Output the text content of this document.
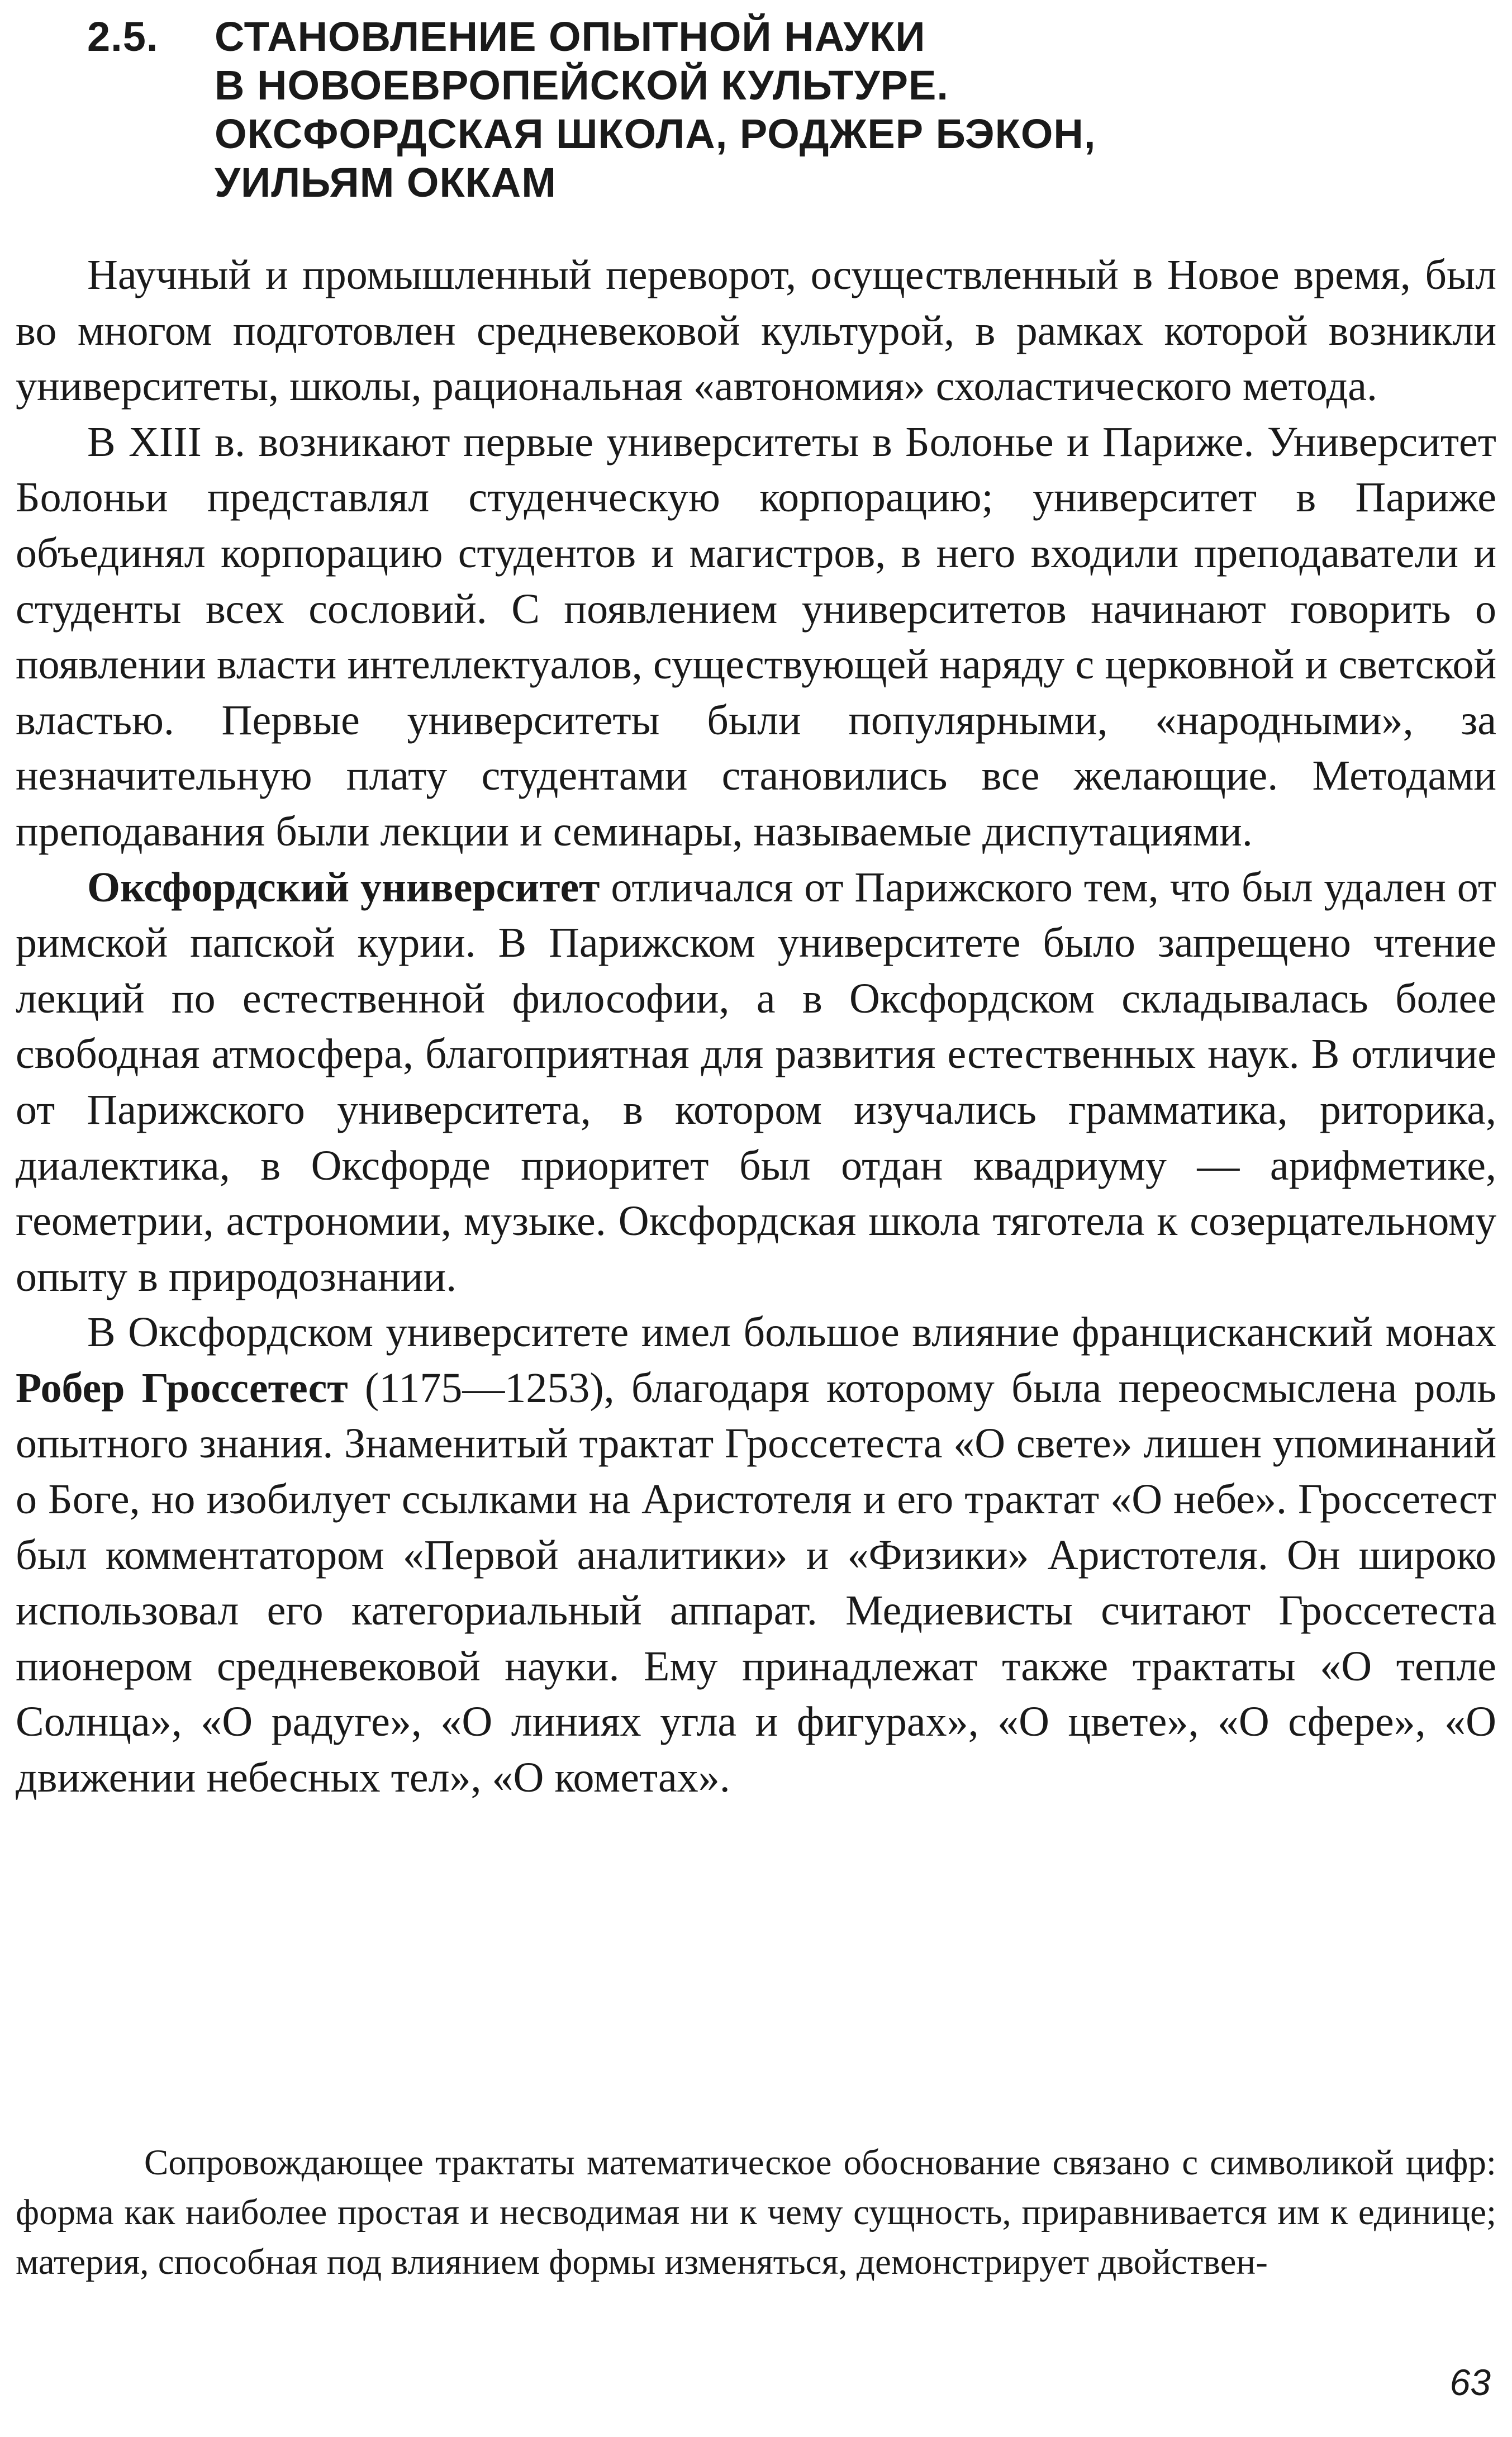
2.5. СТАНОВЛЕНИЕ ОПЫТНОЙ НАУКИ
В НОВОЕВРОПЕЙСКОЙ КУЛЬТУРЕ.
ОКСФОРДСКАЯ ШКОЛА, РОДЖЕР БЭКОН,
УИЛЬЯМ ОККАМ

Научный и промышленный переворот, осуществленный в Новое время, был во многом подготовлен средневековой культурой, в рамках которой возникли университеты, школы, рациональная «автономия» схоластического метода.

В XIII в. возникают первые университеты в Болонье и Париже. Университет Болоньи представлял студенческую корпорацию; университет в Париже объединял корпорацию студентов и магистров, в него входили преподаватели и студенты всех сословий. С появлением университетов начинают говорить о появлении власти интеллектуалов, существующей наряду с церковной и светской властью. Первые университеты были популярными, «народными», за незначительную плату студентами становились все желающие. Методами преподавания были лекции и семинары, называемые диспутациями.

Оксфордский университет отличался от Парижского тем, что был удален от римской папской курии. В Парижском университете было запрещено чтение лекций по естественной философии, а в Оксфордском складывалась более свободная атмосфера, благоприятная для развития естественных наук. В отличие от Парижского университета, в котором изучались грамматика, риторика, диалектика, в Оксфорде приоритет был отдан квадриуму — арифметике, геометрии, астрономии, музыке. Оксфордская школа тяготела к созерцательному опыту в природознании.

В Оксфордском университете имел большое влияние францисканский монах Робер Гроссетест (1175—1253), благодаря которому была переосмыслена роль опытного знания. Знаменитый трактат Гроссетеста «О свете» лишен упоминаний о Боге, но изобилует ссылками на Аристотеля и его трактат «О небе». Гроссетест был комментатором «Первой аналитики» и «Физики» Аристотеля. Он широко использовал его категориальный аппарат. Медиевисты считают Гроссетеста пионером средневековой науки. Ему принадлежат также трактаты «О тепле Солнца», «О радуге», «О линиях угла и фигурах», «О цвете», «О сфере», «О движении небесных тел», «О кометах».

Сопровождающее трактаты математическое обоснование связано с символикой цифр: форма как наиболее простая и несводимая ни к чему сущность, приравнивается им к единице; материя, способная под влиянием формы изменяться, демонстрирует двойствен-

63
